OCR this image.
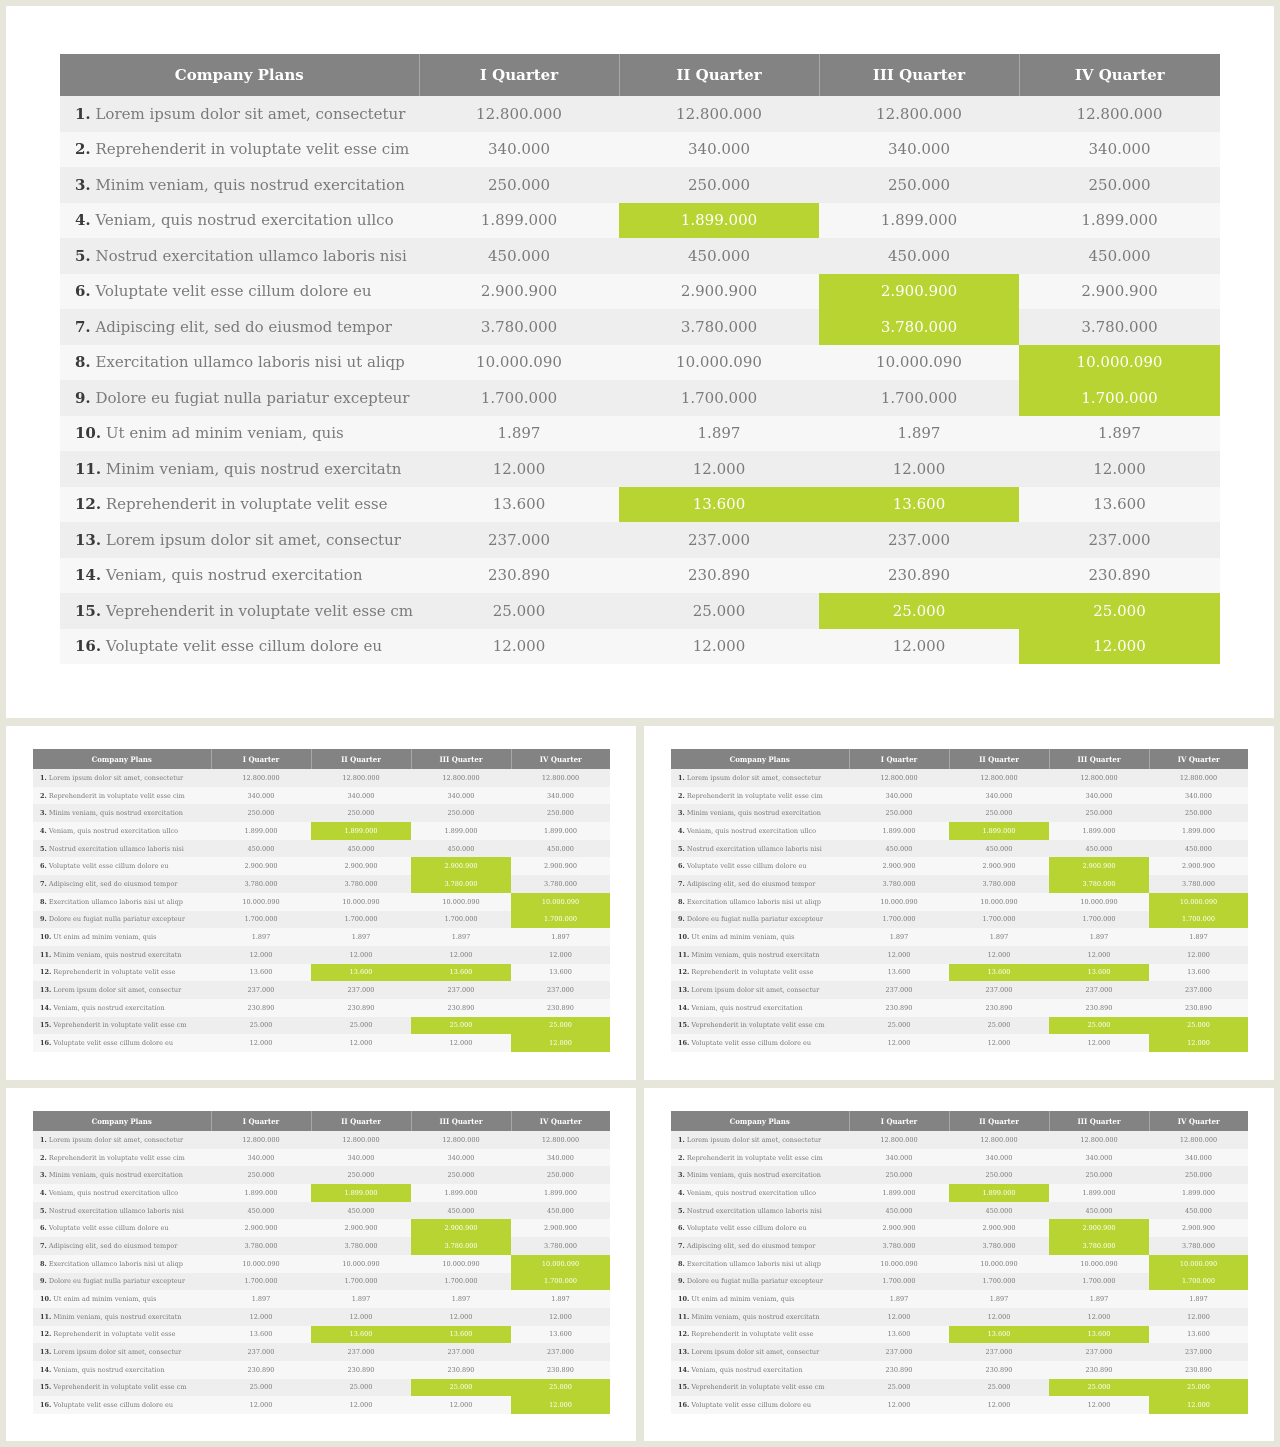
Company Plans	I Quarter	II Quarter	III Quarter	IV Quarter
1. Lorem ipsum dolor sit amet, consectetur	12.800.000	12.800.000	12.800.000	12.800.000
2. Reprehenderit in voluptate velit esse cim	340.000	340.000	340.000	340.000
3. Minim veniam, quis nostrud exercitation	250.000	250.000	250.000	250.000
4. Veniam, quis nostrud exercitation ullco	1.899.000	1.899.000	1.899.000	1.899.000
5. Nostrud exercitation ullamco laboris nisi	450.000	450.000	450.000	450.000
6. Voluptate velit esse cillum dolore eu	2.900.900	2.900.900	2.900.900	2.900.900
7. Adipiscing elit, sed do eiusmod tempor	3.780.000	3.780.000	3.780.000	3.780.000
8. Exercitation ullamco laboris nisi ut aliqp	10.000.090	10.000.090	10.000.090	10.000.090
9. Dolore eu fugiat nulla pariatur excepteur	1.700.000	1.700.000	1.700.000	1.700.000
10. Ut enim ad minim veniam, quis	1.897	1.897	1.897	1.897
11. Minim veniam, quis nostrud exercitatn	12.000	12.000	12.000	12.000
12. Reprehenderit in voluptate velit esse	13.600	13.600	13.600	13.600
13. Lorem ipsum dolor sit amet, consectur	237.000	237.000	237.000	237.000
14. Veniam, quis nostrud exercitation	230.890	230.890	230.890	230.890
15. Veprehenderit in voluptate velit esse cm	25.000	25.000	25.000	25.000
16. Voluptate velit esse cillum dolore eu	12.000	12.000	12.000	12.000
Company Plans	I Quarter	II Quarter	III Quarter	IV Quarter
1. Lorem ipsum dolor sit amet, consectetur	12.800.000	12.800.000	12.800.000	12.800.000
2. Reprehenderit in voluptate velit esse cim	340.000	340.000	340.000	340.000
3. Minim veniam, quis nostrud exercitation	250.000	250.000	250.000	250.000
4. Veniam, quis nostrud exercitation ullco	1.899.000	1.899.000	1.899.000	1.899.000
5. Nostrud exercitation ullamco laboris nisi	450.000	450.000	450.000	450.000
6. Voluptate velit esse cillum dolore eu	2.900.900	2.900.900	2.900.900	2.900.900
7. Adipiscing elit, sed do eiusmod tempor	3.780.000	3.780.000	3.780.000	3.780.000
8. Exercitation ullamco laboris nisi ut aliqp	10.000.090	10.000.090	10.000.090	10.000.090
9. Dolore eu fugiat nulla pariatur excepteur	1.700.000	1.700.000	1.700.000	1.700.000
10. Ut enim ad minim veniam, quis	1.897	1.897	1.897	1.897
11. Minim veniam, quis nostrud exercitatn	12.000	12.000	12.000	12.000
12. Reprehenderit in voluptate velit esse	13.600	13.600	13.600	13.600
13. Lorem ipsum dolor sit amet, consectur	237.000	237.000	237.000	237.000
14. Veniam, quis nostrud exercitation	230.890	230.890	230.890	230.890
15. Veprehenderit in voluptate velit esse cm	25.000	25.000	25.000	25.000
16. Voluptate velit esse cillum dolore eu	12.000	12.000	12.000	12.000
Company Plans	I Quarter	II Quarter	III Quarter	IV Quarter
1. Lorem ipsum dolor sit amet, consectetur	12.800.000	12.800.000	12.800.000	12.800.000
2. Reprehenderit in voluptate velit esse cim	340.000	340.000	340.000	340.000
3. Minim veniam, quis nostrud exercitation	250.000	250.000	250.000	250.000
4. Veniam, quis nostrud exercitation ullco	1.899.000	1.899.000	1.899.000	1.899.000
5. Nostrud exercitation ullamco laboris nisi	450.000	450.000	450.000	450.000
6. Voluptate velit esse cillum dolore eu	2.900.900	2.900.900	2.900.900	2.900.900
7. Adipiscing elit, sed do eiusmod tempor	3.780.000	3.780.000	3.780.000	3.780.000
8. Exercitation ullamco laboris nisi ut aliqp	10.000.090	10.000.090	10.000.090	10.000.090
9. Dolore eu fugiat nulla pariatur excepteur	1.700.000	1.700.000	1.700.000	1.700.000
10. Ut enim ad minim veniam, quis	1.897	1.897	1.897	1.897
11. Minim veniam, quis nostrud exercitatn	12.000	12.000	12.000	12.000
12. Reprehenderit in voluptate velit esse	13.600	13.600	13.600	13.600
13. Lorem ipsum dolor sit amet, consectur	237.000	237.000	237.000	237.000
14. Veniam, quis nostrud exercitation	230.890	230.890	230.890	230.890
15. Veprehenderit in voluptate velit esse cm	25.000	25.000	25.000	25.000
16. Voluptate velit esse cillum dolore eu	12.000	12.000	12.000	12.000
Company Plans	I Quarter	II Quarter	III Quarter	IV Quarter
1. Lorem ipsum dolor sit amet, consectetur	12.800.000	12.800.000	12.800.000	12.800.000
2. Reprehenderit in voluptate velit esse cim	340.000	340.000	340.000	340.000
3. Minim veniam, quis nostrud exercitation	250.000	250.000	250.000	250.000
4. Veniam, quis nostrud exercitation ullco	1.899.000	1.899.000	1.899.000	1.899.000
5. Nostrud exercitation ullamco laboris nisi	450.000	450.000	450.000	450.000
6. Voluptate velit esse cillum dolore eu	2.900.900	2.900.900	2.900.900	2.900.900
7. Adipiscing elit, sed do eiusmod tempor	3.780.000	3.780.000	3.780.000	3.780.000
8. Exercitation ullamco laboris nisi ut aliqp	10.000.090	10.000.090	10.000.090	10.000.090
9. Dolore eu fugiat nulla pariatur excepteur	1.700.000	1.700.000	1.700.000	1.700.000
10. Ut enim ad minim veniam, quis	1.897	1.897	1.897	1.897
11. Minim veniam, quis nostrud exercitatn	12.000	12.000	12.000	12.000
12. Reprehenderit in voluptate velit esse	13.600	13.600	13.600	13.600
13. Lorem ipsum dolor sit amet, consectur	237.000	237.000	237.000	237.000
14. Veniam, quis nostrud exercitation	230.890	230.890	230.890	230.890
15. Veprehenderit in voluptate velit esse cm	25.000	25.000	25.000	25.000
16. Voluptate velit esse cillum dolore eu	12.000	12.000	12.000	12.000
Company Plans	I Quarter	II Quarter	III Quarter	IV Quarter
1. Lorem ipsum dolor sit amet, consectetur	12.800.000	12.800.000	12.800.000	12.800.000
2. Reprehenderit in voluptate velit esse cim	340.000	340.000	340.000	340.000
3. Minim veniam, quis nostrud exercitation	250.000	250.000	250.000	250.000
4. Veniam, quis nostrud exercitation ullco	1.899.000	1.899.000	1.899.000	1.899.000
5. Nostrud exercitation ullamco laboris nisi	450.000	450.000	450.000	450.000
6. Voluptate velit esse cillum dolore eu	2.900.900	2.900.900	2.900.900	2.900.900
7. Adipiscing elit, sed do eiusmod tempor	3.780.000	3.780.000	3.780.000	3.780.000
8. Exercitation ullamco laboris nisi ut aliqp	10.000.090	10.000.090	10.000.090	10.000.090
9. Dolore eu fugiat nulla pariatur excepteur	1.700.000	1.700.000	1.700.000	1.700.000
10. Ut enim ad minim veniam, quis	1.897	1.897	1.897	1.897
11. Minim veniam, quis nostrud exercitatn	12.000	12.000	12.000	12.000
12. Reprehenderit in voluptate velit esse	13.600	13.600	13.600	13.600
13. Lorem ipsum dolor sit amet, consectur	237.000	237.000	237.000	237.000
14. Veniam, quis nostrud exercitation	230.890	230.890	230.890	230.890
15. Veprehenderit in voluptate velit esse cm	25.000	25.000	25.000	25.000
16. Voluptate velit esse cillum dolore eu	12.000	12.000	12.000	12.000
